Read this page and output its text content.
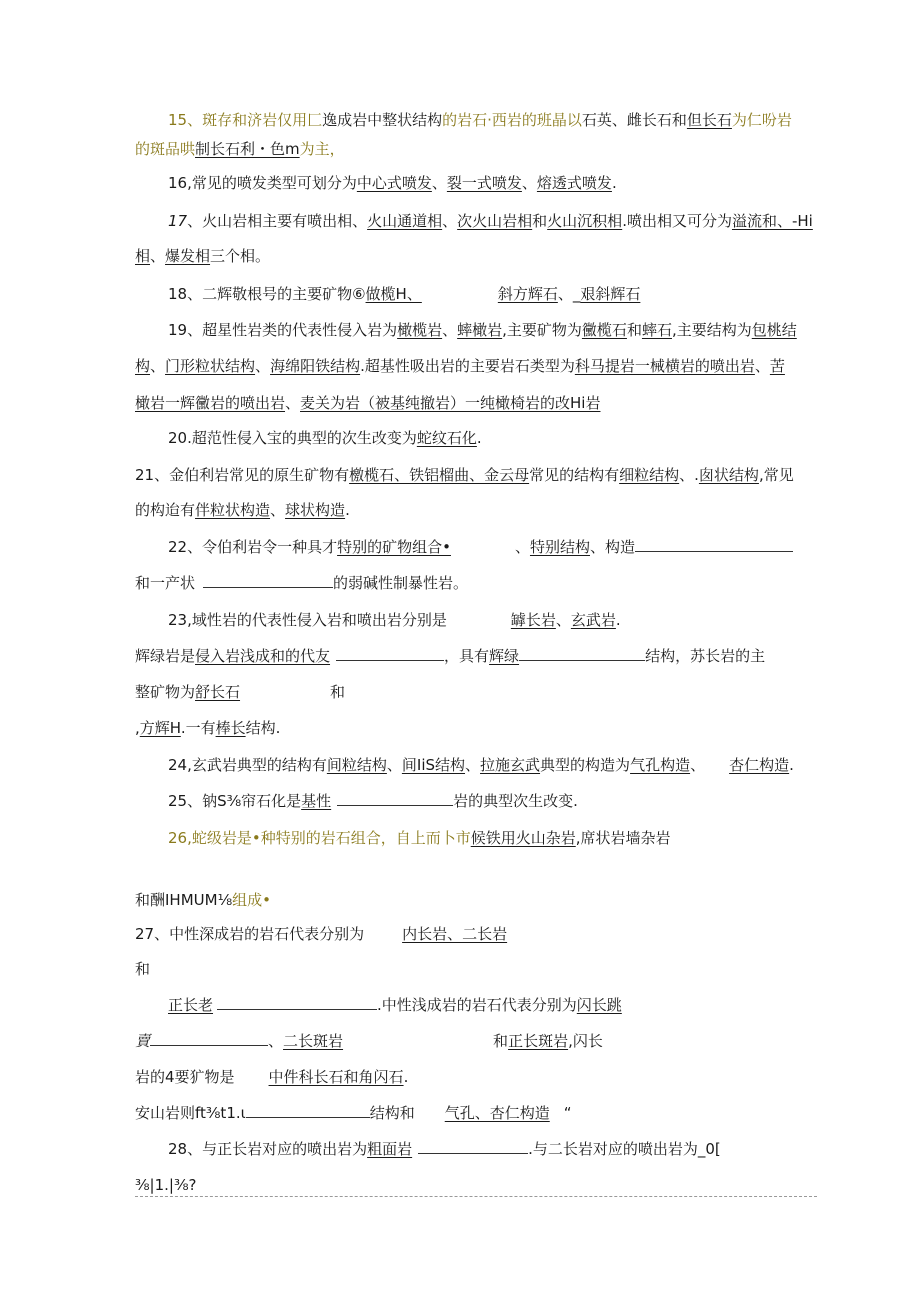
15、斑存和济岩仅用匚逸成岩中整状结构的岩石·西岩的班晶以石英、雌长石和但长石为仁吩岩
的斑品哄制长石利・色m为主，
16,常见的喷发类型可划分为中心式喷发、裂一式喷发、熔透式喷发.
17、火山岩相主要有喷出相、火山通道相、次火山岩相和火山沉积相.喷出相又可分为溢流和、-Hi
相、爆发相三个相。
18、二辉敬根号的主要矿物⑥做榄H、	斜方辉石、_艰斜辉石
19、超星性岩类的代表性侵入岩为橄榄岩、蟀橄岩,主要矿物为黴榄石和蟀石,主要结构为包桃结
构、门形粒状结构、海绵阳铁结构.超基性吸出岩的主要岩石类型为科马提岩一械横岩的喷出岩、苦
橄岩一辉黴岩的喷出岩、麦关为岩（被基纯撤岩）一纯橄椅岩的改Hi岩
20.超范性侵入宝的典型的次生改变为蛇纹石化.
21、金伯利岩常见的原生矿物有檄榄石、铁铝榴曲、金云母常见的结构有细粒结构、.囱状结构,常见
的构迨有伴粒状构造、球状构造.
22、令伯利岩令一种具才特别的矿物组合•	、特别结构、构造
和一产状	的弱碱性制暴性岩。
23,域性岩的代表性侵入岩和喷出岩分别是	罅长岩、玄武岩.
辉绿岩是侵入岩浅成和的代友	，具有辉绿	结构，苏长岩的主
整矿物为舒长石	和
,方辉H.一有棒长结构.
24,玄武岩典型的结构有间粒结构、间IiS结构、拉施玄武典型的构造为气孔构造、 杏仁构造.
25、钠S⅜帘石化是基性	岩的典型次生改变.
26,蛇级岩是•种特别的岩石组合，自上而卜市候铁用火山杂岩,席状岩墙杂岩
和酬IHMUM⅛组成•
27、中性深成岩的岩石代表分别为	内长岩、二长岩
和
正长老	.中性浅成岩的岩石代表分别为闪长跳
賣	、二长斑岩	和正长斑岩,闪长
岩的4要犷物是 中件科长石和角闪石.
安山岩则ft⅜t1.ι	结构和 气孔、杏仁构造 “
28、与正长岩对应的喷出岩为粗面岩	.与二长岩对应的喷出岩为_0[
⅜|1.|⅜?
